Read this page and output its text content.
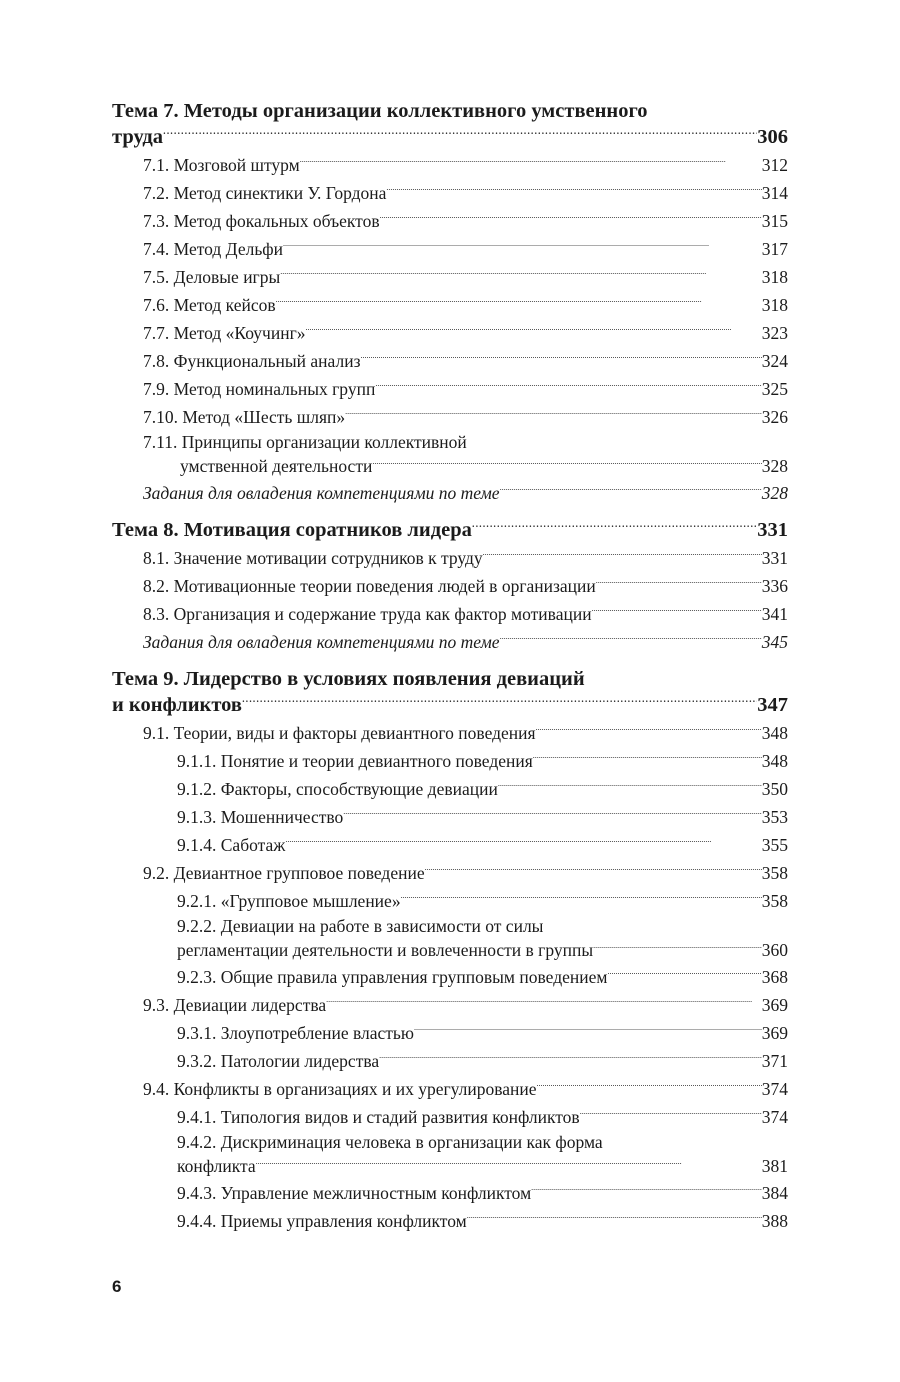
Тема 7. Методы организации коллективного умственного
труда . . .	306
7.1. Мозговой штурм . . .	312
7.2. Метод синектики У. Гордона . . .	314
7.3. Метод фокальных объектов . . .	315
7.4. Метод Дельфи . . .	317
7.5. Деловые игры . . .	318
7.6. Метод кейсов . . .	318
7.7. Метод «Коучинг» . . .	323
7.8. Функциональный анализ . . .	324
7.9. Метод номинальных групп . . .	325
7.10. Метод «Шесть шляп» . . .	326
7.11. Принципы организации коллективной
умственной деятельности . . .	328
Задания для овладения компетенциями по теме . . .	328
Тема 8. Мотивация соратников лидера . . .	331
8.1. Значение мотивации сотрудников к труду . . .	331
8.2. Мотивационные теории поведения людей в организации . . .	336
8.3. Организация и содержание труда как фактор мотивации . . .	341
Задания для овладения компетенциями по теме . . .	345
Тема 9. Лидерство в условиях появления девиаций
и конфликтов . . .	347
9.1. Теории, виды и факторы девиантного поведения . . .	348
9.1.1. Понятие и теории девиантного поведения . . .	348
9.1.2. Факторы, способствующие девиации . . .	350
9.1.3. Мошенничество . . .	353
9.1.4. Саботаж . . .	355
9.2. Девиантное групповое поведение . . .	358
9.2.1. «Групповое мышление» . . .	358
9.2.2. Девиации на работе в зависимости от силы
регламентации деятельности и вовлеченности в группы . . .	360
9.2.3. Общие правила управления групповым поведением . . .	368
9.3. Девиации лидерства . . .	369
9.3.1. Злоупотребление властью . . .	369
9.3.2. Патологии лидерства . . .	371
9.4. Конфликты в организациях и их урегулирование . . .	374
9.4.1. Типология видов и стадий развития конфликтов . . .	374
9.4.2. Дискриминация человека в организации как форма
конфликта . . .	381
9.4.3. Управление межличностным конфликтом . . .	384
9.4.4. Приемы управления конфликтом . . .	388
6
